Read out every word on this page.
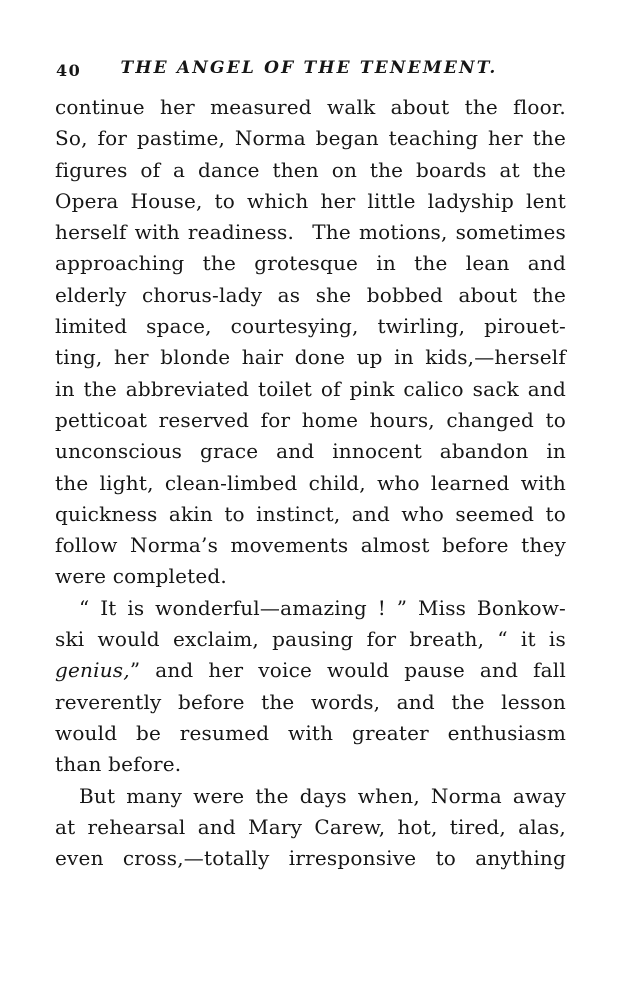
40	THE ANGEL OF THE TENEMENT.
continue her measured walk about the floor.
So, for pastime, Norma began teaching her the
figures of a dance then on the boards at the
Opera House, to which her little ladyship lent
herself with readiness.  The motions, sometimes
approaching the grotesque in the lean and
elderly chorus-lady as she bobbed about the
limited space, courtesying, twirling, pirouet-
ting, her blonde hair done up in kids,—herself
in the abbreviated toilet of pink calico sack and
petticoat reserved for home hours, changed to
unconscious grace and innocent abandon in
the light, clean-limbed child, who learned with
quickness akin to instinct, and who seemed to
follow Norma’s movements almost before they
were completed.
“ It is wonderful—amazing ! ” Miss Bonkow-
ski would exclaim, pausing for breath, “ it is
genius,” and her voice would pause and fall
reverently before the words, and the lesson
would be resumed with greater enthusiasm
than before.
But many were the days when, Norma away
at rehearsal and Mary Carew, hot, tired, alas,
even cross,—totally irresponsive to anything
